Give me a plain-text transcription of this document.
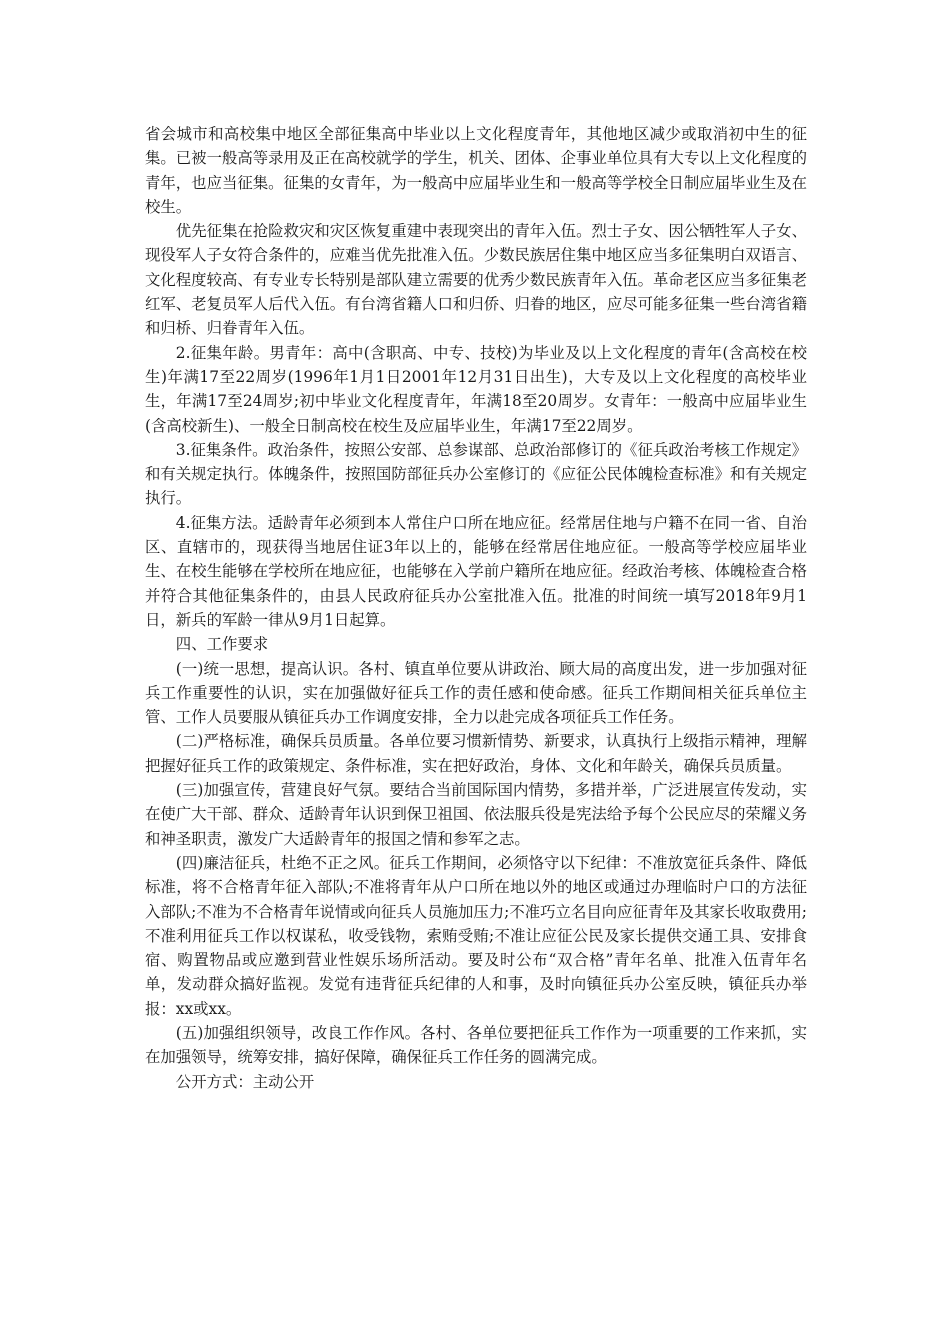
省会城市和高校集中地区全部征集高中毕业以上文化程度青年，其他地区减少或取消初中生的征集。已被一般高等录用及正在高校就学的学生，机关、团体、企事业单位具有大专以上文化程度的青年，也应当征集。征集的女青年，为一般高中应届毕业生和一般高等学校全日制应届毕业生及在校生。

优先征集在抢险救灾和灾区恢复重建中表现突出的青年入伍。烈士子女、因公牺牲军人子女、现役军人子女符合条件的，应难当优先批准入伍。少数民族居住集中地区应当多征集明白双语言、文化程度较高、有专业专长特别是部队建立需要的优秀少数民族青年入伍。革命老区应当多征集老红军、老复员军人后代入伍。有台湾省籍人口和归侨、归眷的地区，应尽可能多征集一些台湾省籍和归桥、归眷青年入伍。

2.征集年龄。男青年：高中(含职高、中专、技校)为毕业及以上文化程度的青年(含高校在校生)年满17至22周岁(1996年1月1日2001年12月31日出生)，大专及以上文化程度的高校毕业生，年满17至24周岁;初中毕业文化程度青年，年满18至20周岁。女青年：一般高中应届毕业生(含高校新生)、一般全日制高校在校生及应届毕业生，年满17至22周岁。

3.征集条件。政治条件，按照公安部、总参谋部、总政治部修订的《征兵政治考核工作规定》和有关规定执行。体魄条件，按照国防部征兵办公室修订的《应征公民体魄检查标准》和有关规定执行。

4.征集方法。适龄青年必须到本人常住户口所在地应征。经常居住地与户籍不在同一省、自治区、直辖市的，现获得当地居住证3年以上的，能够在经常居住地应征。一般高等学校应届毕业生、在校生能够在学校所在地应征，也能够在入学前户籍所在地应征。经政治考核、体魄检查合格并符合其他征集条件的，由县人民政府征兵办公室批准入伍。批准的时间统一填写2018年9月1日，新兵的军龄一律从9月1日起算。

四、工作要求

(一)统一思想，提高认识。各村、镇直单位要从讲政治、顾大局的高度出发，进一步加强对征兵工作重要性的认识，实在加强做好征兵工作的责任感和使命感。征兵工作期间相关征兵单位主管、工作人员要服从镇征兵办工作调度安排，全力以赴完成各项征兵工作任务。

(二)严格标准，确保兵员质量。各单位要习惯新情势、新要求，认真执行上级指示精神，理解把握好征兵工作的政策规定、条件标准，实在把好政治，身体、文化和年龄关，确保兵员质量。

(三)加强宣传，营建良好气氛。要结合当前国际国内情势，多措并举，广泛进展宣传发动，实在使广大干部、群众、适龄青年认识到保卫祖国、依法服兵役是宪法给予每个公民应尽的荣耀义务和神圣职责，激发广大适龄青年的报国之情和参军之志。

(四)廉洁征兵，杜绝不正之风。征兵工作期间，必须恪守以下纪律：不准放宽征兵条件、降低标准，将不合格青年征入部队;不准将青年从户口所在地以外的地区或通过办理临时户口的方法征入部队;不准为不合格青年说情或向征兵人员施加压力;不准巧立名目向应征青年及其家长收取费用;不准利用征兵工作以权谋私，收受钱物，索贿受贿;不准让应征公民及家长提供交通工具、安排食宿、购置物品或应邀到营业性娱乐场所活动。要及时公布“双合格”青年名单、批准入伍青年名单，发动群众搞好监视。发觉有违背征兵纪律的人和事，及时向镇征兵办公室反映，镇征兵办举报：xx或xx。

(五)加强组织领导，改良工作作风。各村、各单位要把征兵工作作为一项重要的工作来抓，实在加强领导，统筹安排，搞好保障，确保征兵工作任务的圆满完成。

公开方式：主动公开
